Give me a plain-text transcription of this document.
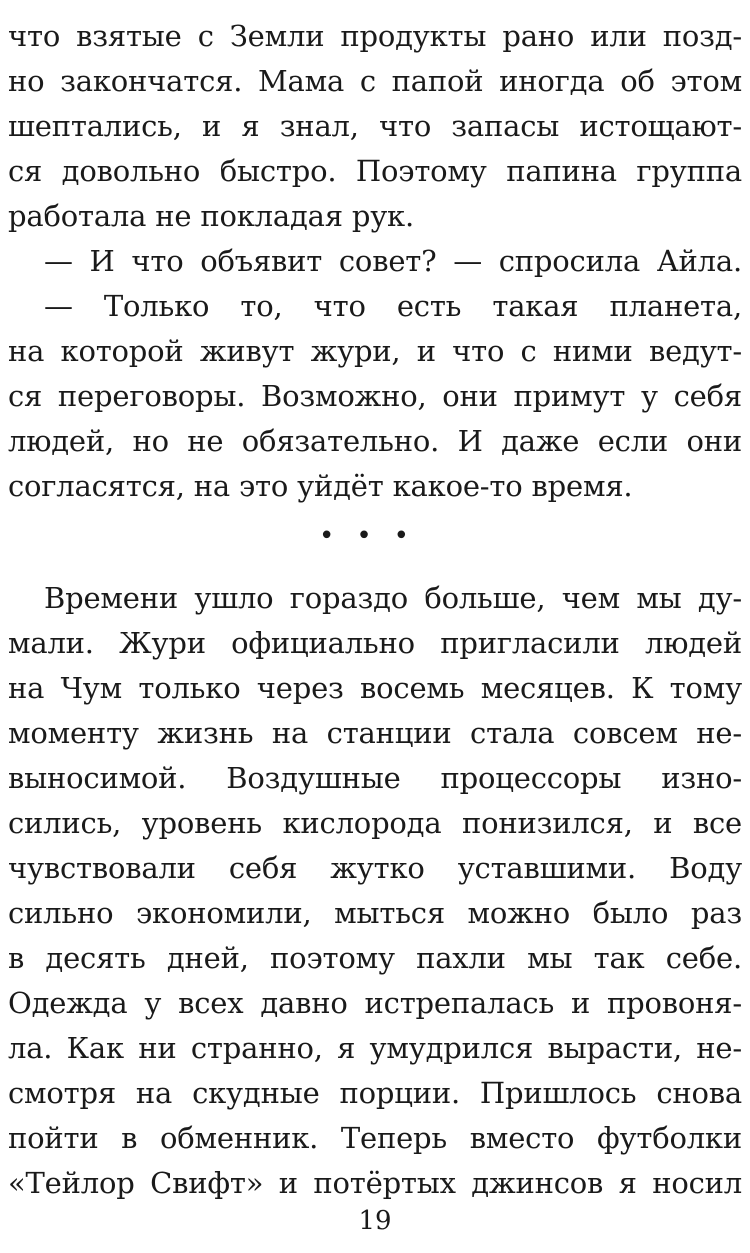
что взятые с Земли продукты рано или позд-
но закончатся. Мама с папой иногда об этом
шептались, и я знал, что запасы истощают-
ся довольно быстро. Поэтому папина группа
работала не покладая рук.
— И что объявит совет? — спросила Айла.
— Только то, что есть такая планета,
на которой живут жури, и что с ними ведут-
ся переговоры. Возможно, они примут у себя
людей, но не обязательно. И даже если они
согласятся, на это уйдёт какое-то время.
•••
Времени ушло гораздо больше, чем мы ду-
мали. Жури официально пригласили людей
на Чум только через восемь месяцев. К тому
моменту жизнь на станции стала совсем не-
выносимой. Воздушные процессоры изно-
сились, уровень кислорода понизился, и все
чувствовали себя жутко уставшими. Воду
сильно экономили, мыться можно было раз
в десять дней, поэтому пахли мы так себе.
Одежда у всех давно истрепалась и провоня-
ла. Как ни странно, я умудрился вырасти, не-
смотря на скудные порции. Пришлось снова
пойти в обменник. Теперь вместо футболки
«Тейлор Свифт» и потёртых джинсов я носил
19
